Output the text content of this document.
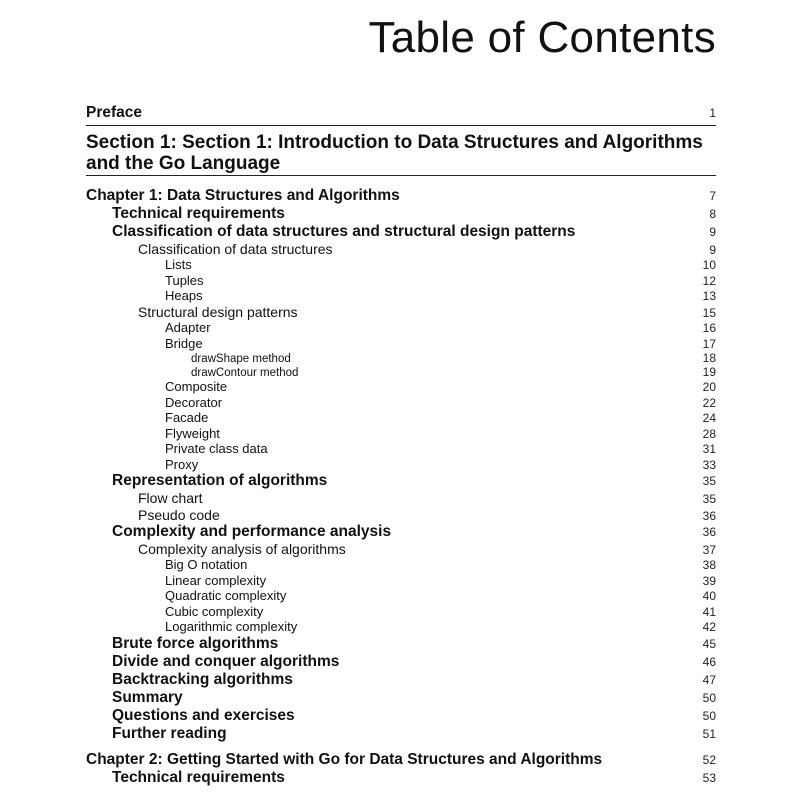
Table of Contents
Preface	1
Section 1: Section 1: Introduction to Data Structures and Algorithms and the Go Language
Chapter 1: Data Structures and Algorithms	7
Technical requirements	8
Classification of data structures and structural design patterns	9
Classification of data structures	9
Lists	10
Tuples	12
Heaps	13
Structural design patterns	15
Adapter	16
Bridge	17
drawShape method	18
drawContour method	19
Composite	20
Decorator	22
Facade	24
Flyweight	28
Private class data	31
Proxy	33
Representation of algorithms	35
Flow chart	35
Pseudo code	36
Complexity and performance analysis	36
Complexity analysis of algorithms	37
Big O notation	38
Linear complexity	39
Quadratic complexity	40
Cubic complexity	41
Logarithmic complexity	42
Brute force algorithms	45
Divide and conquer algorithms	46
Backtracking algorithms	47
Summary	50
Questions and exercises	50
Further reading	51
Chapter 2: Getting Started with Go for Data Structures and Algorithms	52
Technical requirements	53
